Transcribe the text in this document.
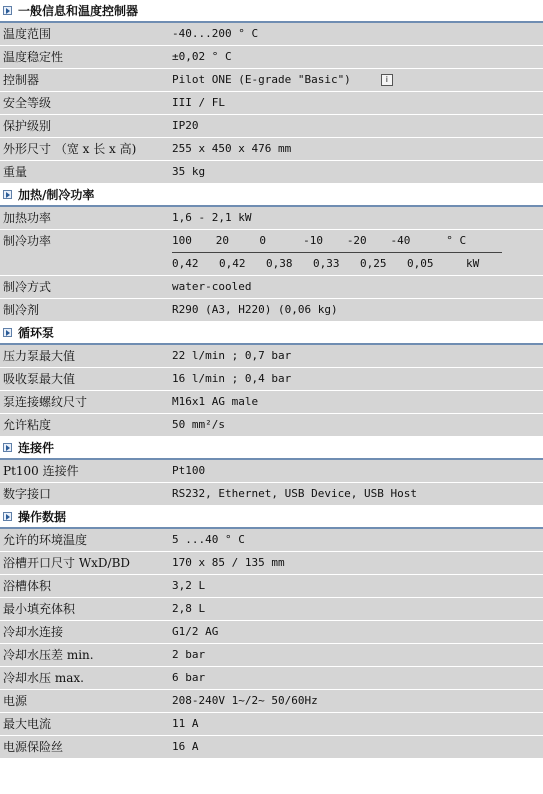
一般信息和温度控制器
温度范围	-40...200 ° C
温度稳定性	±0,02 ° C
控制器	Pilot ONE (E-grade "Basic")	i
安全等级	III / FL
保护级别	IP20
外形尺寸 （宽 x 长 x 高)	255 x 450 x 476 mm
重量	35 kg
加热/制冷功率
加热功率	1,6 - 2,1 kW
制冷功率	100	20	0	-10	-20	-40	° C
0,42	0,42	0,38	0,33	0,25	0,05	kW
制冷方式	water-cooled
制冷剂	R290 (A3, H220) (0,06 kg)
循环泵
压力泵最大值	22 l/min ; 0,7 bar
吸收泵最大值	16 l/min ; 0,4 bar
泵连接螺纹尺寸	M16x1 AG male
允许粘度	50 mm²/s
连接件
Pt100 连接件	Pt100
数字接口	RS232, Ethernet, USB Device, USB Host
操作数据
允许的环境温度	5 ...40 ° C
浴槽开口尺寸 WxD/BD	170 x 85 / 135 mm
浴槽体积	3,2 L
最小填充体积	2,8 L
冷却水连接	G1/2 AG
冷却水压差 min.	2 bar
冷却水压 max.	6 bar
电源	208-240V 1~/2~ 50/60Hz
最大电流	11 A
电源保险丝	16 A
